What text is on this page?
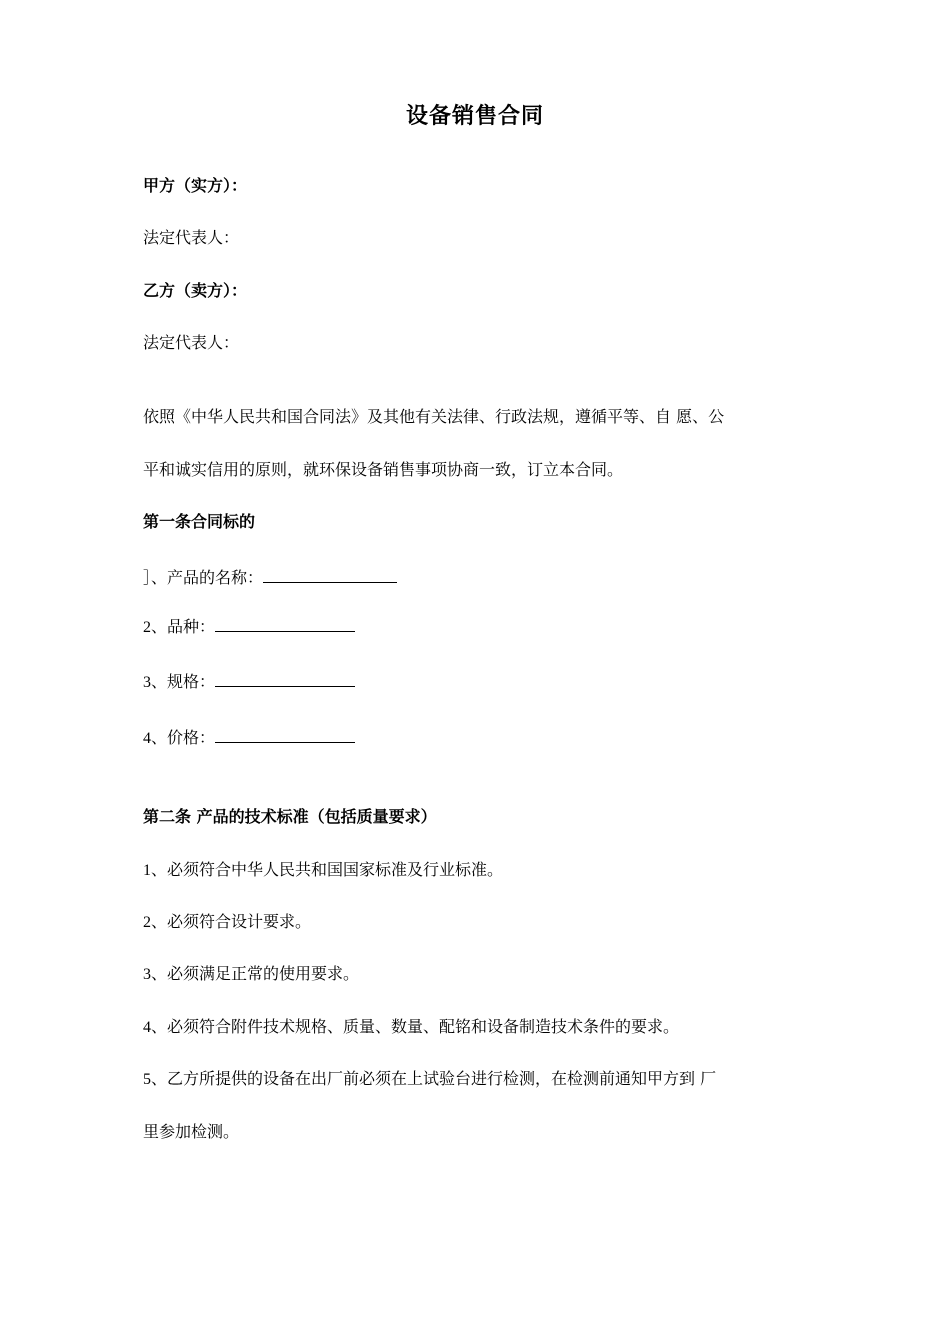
设备销售合同
甲方（实方）：
法定代表人：
乙方（卖方）：
法定代表人：
依照《中华人民共和国合同法》及其他有关法律、行政法规，遵循平等、自 愿、公
平和诚实信用的原则，就环保设备销售事项协商一致，订立本合同。
第一条合同标的
］、产品的名称：
2、品种：
3、规格：
4、价格：
第二条 产品的技术标准（包括质量要求）
1、必须符合中华人民共和国国家标准及行业标准。
2、必须符合设计要求。
3、必须满足正常的使用要求。
4、必须符合附件技术规格、质量、数量、配铭和设备制造技术条件的要求。
5、乙方所提供的设备在出厂前必须在上试验台进行检测，在检测前通知甲方到 厂
里参加检测。
